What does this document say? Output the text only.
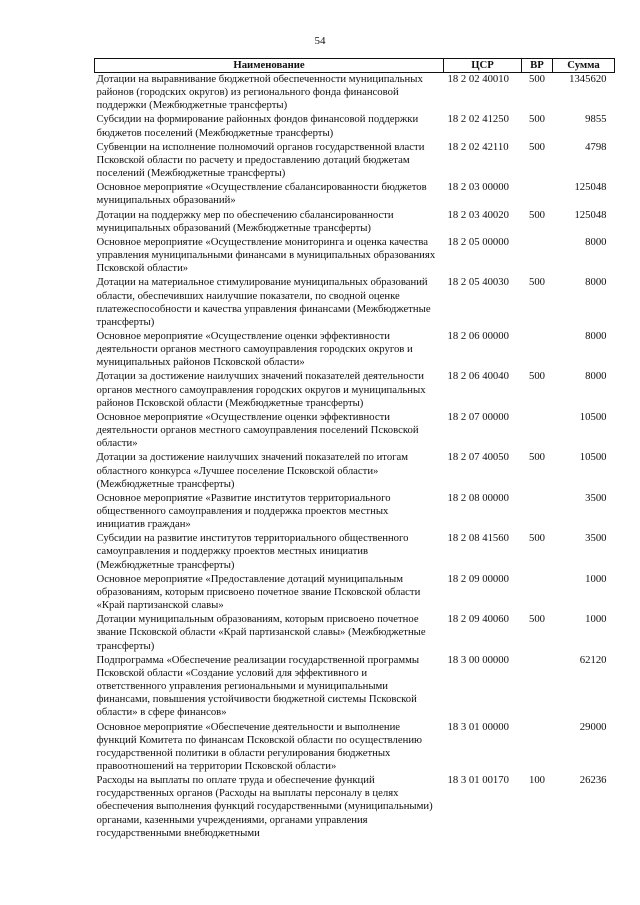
54
Наименование	ЦСР	ВР	Сумма
Дотации на выравнивание бюджетной обеспеченности муниципальных районов (городских округов) из регионального фонда финансовой поддержки (Межбюджетные трансферты)	18 2 02 40010	500	1345620
Субсидии на формирование районных фондов финансовой поддержки бюджетов поселений (Межбюджетные трансферты)	18 2 02 41250	500	9855
Субвенции на исполнение полномочий органов государственной власти Псковской области по расчету и предоставлению дотаций бюджетам поселений (Межбюджетные трансферты)	18 2 02 42110	500	4798
Основное мероприятие «Осуществление сбалансированности бюджетов муниципальных образований»	18 2 03 00000		125048
Дотации на поддержку мер по обеспечению сбалансированности муниципальных образований (Межбюджетные трансферты)	18 2 03 40020	500	125048
Основное мероприятие «Осуществление мониторинга и оценка качества управления муниципальными финансами в муниципальных образованиях Псковской области»	18 2 05 00000		8000
Дотации на материальное стимулирование муниципальных образований области, обеспечивших наилучшие показатели, по сводной оценке платежеспособности и качества управления финансами (Межбюджетные трансферты)	18 2 05 40030	500	8000
Основное мероприятие «Осуществление оценки эффективности деятельности органов местного самоуправления городских округов и муниципальных районов Псковской области»	18 2 06 00000		8000
Дотации за достижение наилучших значений показателей деятельности органов местного самоуправления городских округов и муниципальных районов Псковской области (Межбюджетные трансферты)	18 2 06 40040	500	8000
Основное мероприятие «Осуществление оценки эффективности деятельности органов местного самоуправления поселений Псковской области»	18 2 07 00000		10500
Дотации за достижение наилучших значений показателей по итогам областного конкурса «Лучшее поселение Псковской области» (Межбюджетные трансферты)	18 2 07 40050	500	10500
Основное мероприятие «Развитие институтов территориального общественного самоуправления и поддержка проектов местных инициатив граждан»	18 2 08 00000		3500
Субсидии на развитие институтов территориального общественного самоуправления и поддержку проектов местных инициатив (Межбюджетные трансферты)	18 2 08 41560	500	3500
Основное мероприятие «Предоставление дотаций муниципальным образованиям, которым присвоено почетное звание Псковской области «Край партизанской славы»	18 2 09 00000		1000
Дотации муниципальным образованиям, которым присвоено почетное звание Псковской области «Край партизанской славы» (Межбюджетные трансферты)	18 2 09 40060	500	1000
Подпрограмма «Обеспечение реализации государственной программы Псковской области «Создание условий для эффективного и ответственного управления региональными и муниципальными финансами, повышения устойчивости бюджетной системы Псковской области» в сфере финансов»	18 3 00 00000		62120
Основное мероприятие «Обеспечение деятельности и выполнение функций Комитета по финансам Псковской области по осуществлению государственной политики в области регулирования бюджетных правоотношений на территории Псковской области»	18 3 01 00000		29000
Расходы на выплаты по оплате труда и обеспечение функций государственных органов (Расходы на выплаты персоналу в целях обеспечения выполнения функций государственными (муниципальными) органами, казенными учреждениями, органами управления государственными внебюджетными	18 3 01 00170	100	26236
